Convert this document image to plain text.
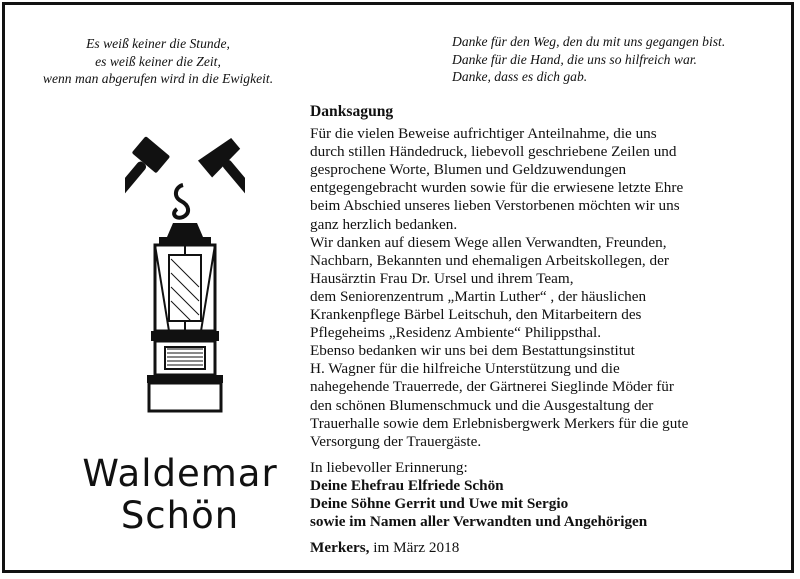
Es weiß keiner die Stunde,
es weiß keiner die Zeit,
wenn man abgerufen wird in die Ewigkeit.
Danke für den Weg, den du mit uns gegangen bist.
Danke für die Hand, die uns so hilfreich war.
Danke, dass es dich gab.
Waldemar
Schön
Danksagung
Für die vielen Beweise aufrichtiger Anteilnahme, die uns
durch stillen Händedruck, liebevoll geschriebene Zeilen und
gesprochene Worte, Blumen und Geldzuwendungen
entgegengebracht wurden sowie für die erwiesene letzte Ehre
beim Abschied unseres lieben Verstorbenen möchten wir uns
ganz herzlich bedanken.
Wir danken auf diesem Wege allen Verwandten, Freunden,
Nachbarn, Bekannten und ehemaligen Arbeitskollegen, der
Hausärztin Frau Dr. Ursel und ihrem Team,
dem Seniorenzentrum „Martin Luther“ , der häuslichen
Krankenpflege Bärbel Leitschuh, den Mitarbeitern des
Pflegeheims „Residenz Ambiente“ Philippsthal.
Ebenso bedanken wir uns bei dem Bestattungsinstitut
H. Wagner für die hilfreiche Unterstützung und die
nahegehende Trauerrede, der Gärtnerei Sieglinde Möder für
den schönen Blumenschmuck und die Ausgestaltung der
Trauerhalle sowie dem Erlebnisbergwerk Merkers für die gute
Versorgung der Trauergäste.
In liebevoller Erinnerung:
Deine Ehefrau Elfriede Schön
Deine Söhne Gerrit und Uwe mit Sergio
sowie im Namen aller Verwandten und Angehörigen
Merkers, im März 2018
